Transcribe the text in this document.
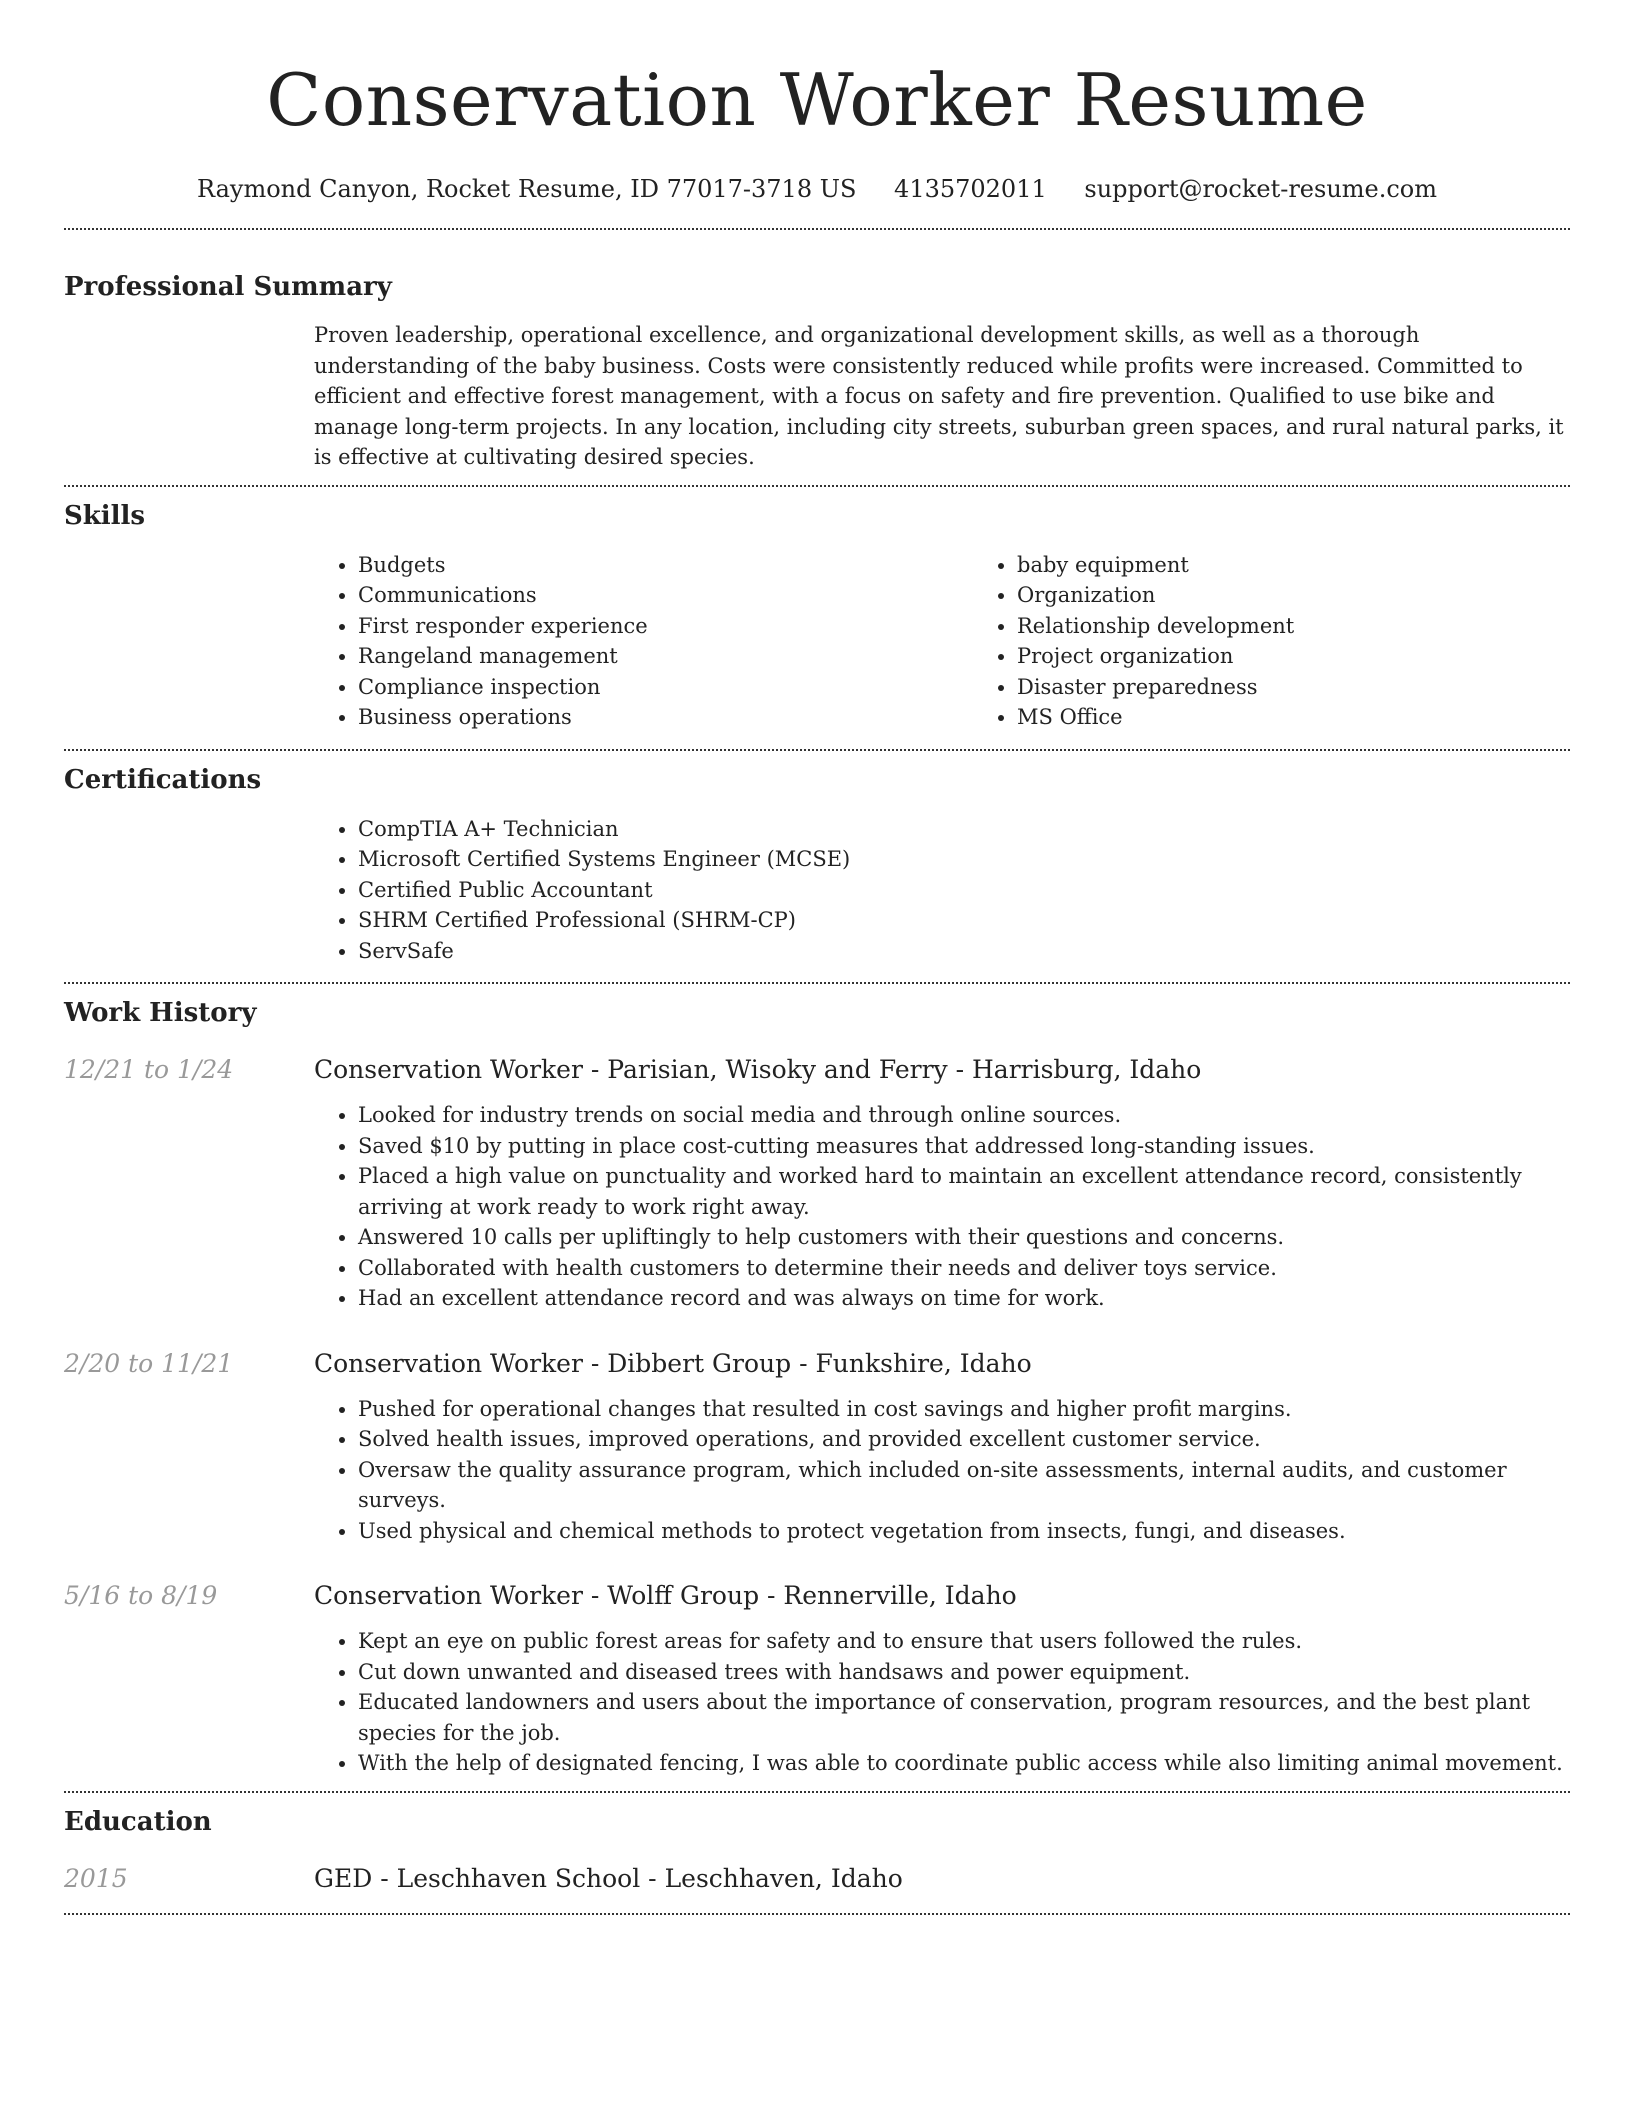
Conservation Worker Resume
Raymond Canyon, Rocket Resume, ID 77017-3718 US 4135702011 support@rocket-resume.com
Professional Summary

Proven leadership, operational excellence, and organizational development skills, as well as a thorough understanding of the baby business. Costs were consistently reduced while profits were increased. Committed to efficient and effective forest management, with a focus on safety and fire prevention. Qualified to use bike and manage long-term projects. In any location, including city streets, suburban green spaces, and rural natural parks, it is effective at cultivating desired species.

Skills
• Budgets
• Communications
• First responder experience
• Rangeland management
• Compliance inspection
• Business operations
• baby equipment
• Organization
• Relationship development
• Project organization
• Disaster preparedness
• MS Office
Certifications
• CompTIA A+ Technician
• Microsoft Certified Systems Engineer (MCSE)
• Certified Public Accountant
• SHRM Certified Professional (SHRM-CP)
• ServSafe
Work History
12/21 to 1/24	Conservation Worker - Parisian, Wisoky and Ferry - Harrisburg, Idaho
• Looked for industry trends on social media and through online sources.
• Saved $10 by putting in place cost-cutting measures that addressed long-standing issues.
• Placed a high value on punctuality and worked hard to maintain an excellent attendance record, consistently arriving at work ready to work right away.
• Answered 10 calls per upliftingly to help customers with their questions and concerns.
• Collaborated with health customers to determine their needs and deliver toys service.
• Had an excellent attendance record and was always on time for work.
2/20 to 11/21	Conservation Worker - Dibbert Group - Funkshire, Idaho
• Pushed for operational changes that resulted in cost savings and higher profit margins.
• Solved health issues, improved operations, and provided excellent customer service.
• Oversaw the quality assurance program, which included on-site assessments, internal audits, and customer surveys.
• Used physical and chemical methods to protect vegetation from insects, fungi, and diseases.
5/16 to 8/19	Conservation Worker - Wolff Group - Rennerville, Idaho
• Kept an eye on public forest areas for safety and to ensure that users followed the rules.
• Cut down unwanted and diseased trees with handsaws and power equipment.
• Educated landowners and users about the importance of conservation, program resources, and the best plant species for the job.
• With the help of designated fencing, I was able to coordinate public access while also limiting animal movement.
Education
2015	GED - Leschhaven School - Leschhaven, Idaho
